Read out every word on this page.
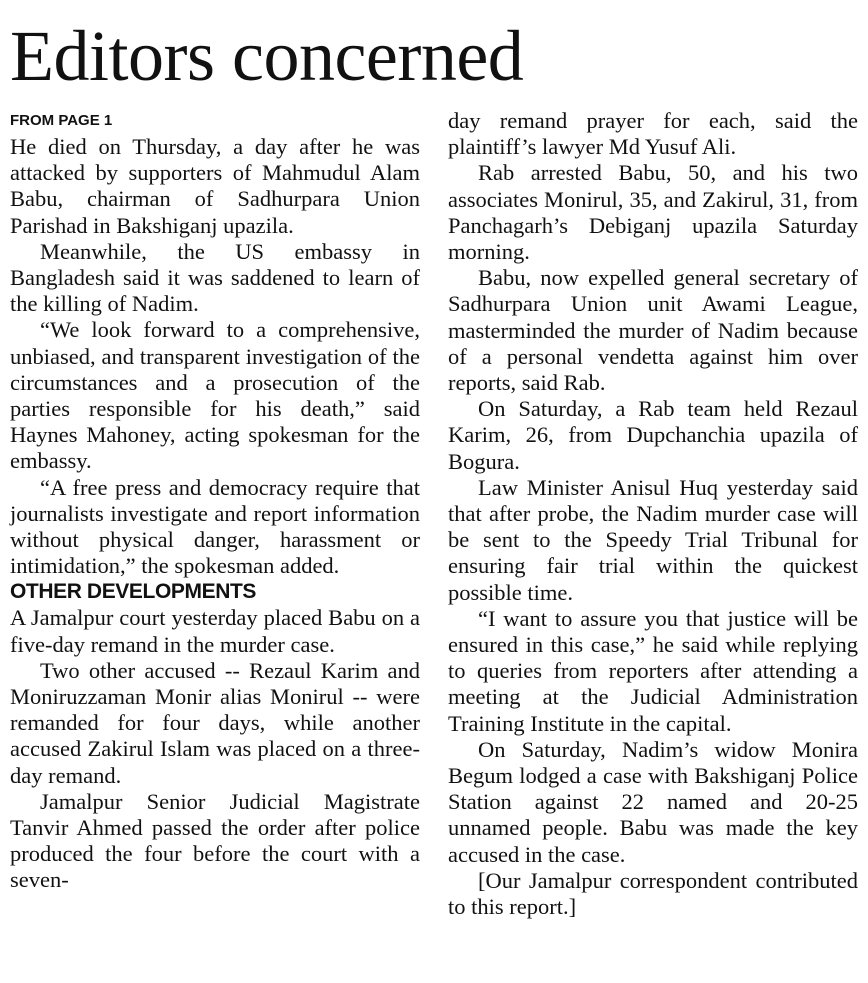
Editors concerned
FROM PAGE 1

He died on Thursday, a day after he was attacked by supporters of Mahmudul Alam Babu, chairman of Sadhurpara Union Parishad in Bakshiganj upazila.

Meanwhile, the US embassy in Bangladesh said it was saddened to learn of the killing of Nadim.

“We look forward to a comprehensive, unbiased, and transparent investigation of the circumstances and a prosecution of the parties responsible for his death,” said Haynes Mahoney, acting spokesman for the embassy.

“A free press and democracy require that journalists investigate and report information without physical danger, harassment or intimidation,” the spokesman added.

OTHER DEVELOPMENTS

A Jamalpur court yesterday placed Babu on a five-day remand in the murder case.

Two other accused -- Rezaul Karim and Moniruzzaman Monir alias Monirul -- were remanded for four days, while another accused Zakirul Islam was placed on a three-day remand.

Jamalpur Senior Judicial Magistrate Tanvir Ahmed passed the order after police produced the four before the court with a seven-

day remand prayer for each, said the plaintiff’s lawyer Md Yusuf Ali.

Rab arrested Babu, 50, and his two associates Monirul, 35, and Zakirul, 31, from Panchagarh’s Debiganj upazila Saturday morning.

Babu, now expelled general secretary of Sadhurpara Union unit Awami League, masterminded the murder of Nadim because of a personal vendetta against him over reports, said Rab.

On Saturday, a Rab team held Rezaul Karim, 26, from Dupchanchia upazila of Bogura.

Law Minister Anisul Huq yesterday said that after probe, the Nadim murder case will be sent to the Speedy Trial Tribunal for ensuring fair trial within the quickest possible time.

“I want to assure you that justice will be ensured in this case,” he said while replying to queries from reporters after attending a meeting at the Judicial Administration Training Institute in the capital.

On Saturday, Nadim’s widow Monira Begum lodged a case with Bakshiganj Police Station against 22 named and 20-25 unnamed people. Babu was made the key accused in the case.

[Our Jamalpur correspondent contributed to this report.]
